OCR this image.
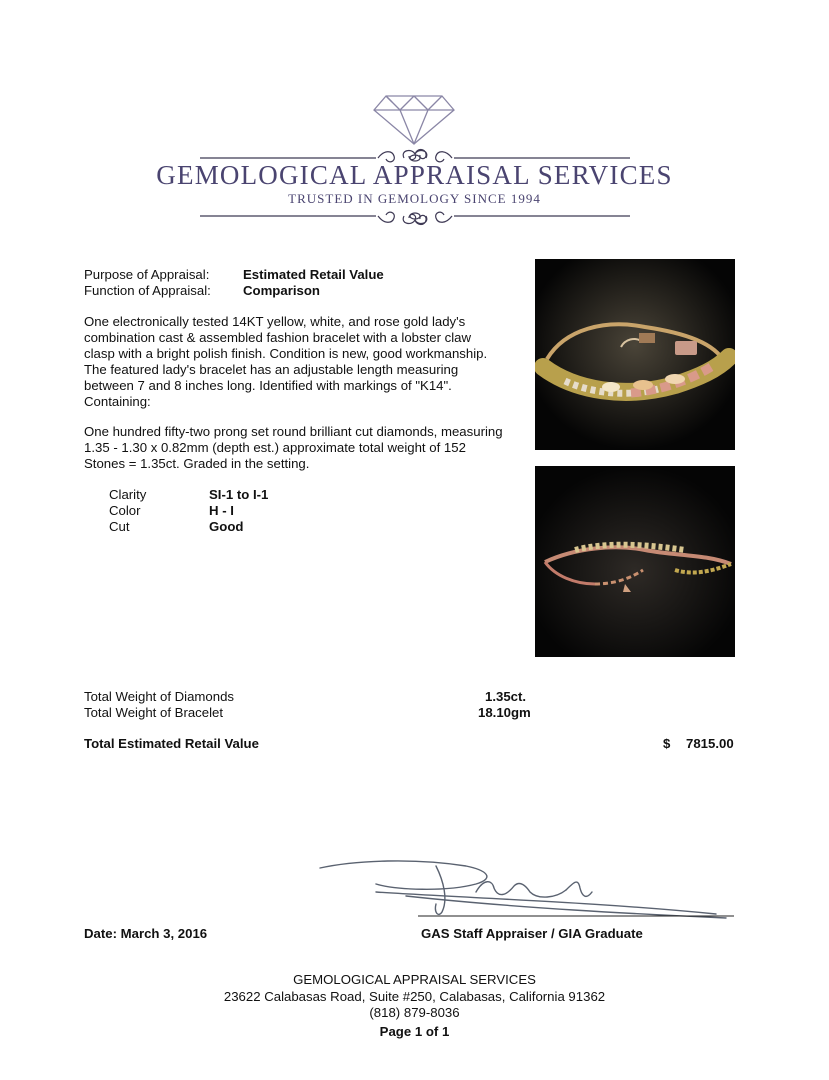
GEMOLOGICAL APPRAISAL SERVICES
TRUSTED IN GEMOLOGY SINCE 1994
Purpose of Appraisal:	Estimated Retail Value
Function of Appraisal: Comparison
One electronically tested 14KT yellow, white, and rose gold lady's
combination cast & assembled fashion bracelet with a lobster claw
clasp with a bright polish finish. Condition is new, good workmanship.
The featured lady's bracelet has an adjustable length measuring
between 7 and 8 inches long. Identified with markings of "K14".
Containing:
One hundred fifty-two prong set round brilliant cut diamonds, measuring
1.35 - 1.30 x 0.82mm (depth est.) approximate total weight of 152
Stones = 1.35ct. Graded in the setting.
Clarity	SI-1 to I-1
Color	H - I
Cut	Good
Total Weight of Diamonds	1.35ct.
Total Weight of Bracelet	18.10gm
Total Estimated Retail Value	$ 7815.00
Date: March 3, 2016	GAS Staff Appraiser / GIA Graduate
GEMOLOGICAL APPRAISAL SERVICES
23622 Calabasas Road, Suite #250, Calabasas, California 91362
(818) 879-8036
Page 1 of 1
